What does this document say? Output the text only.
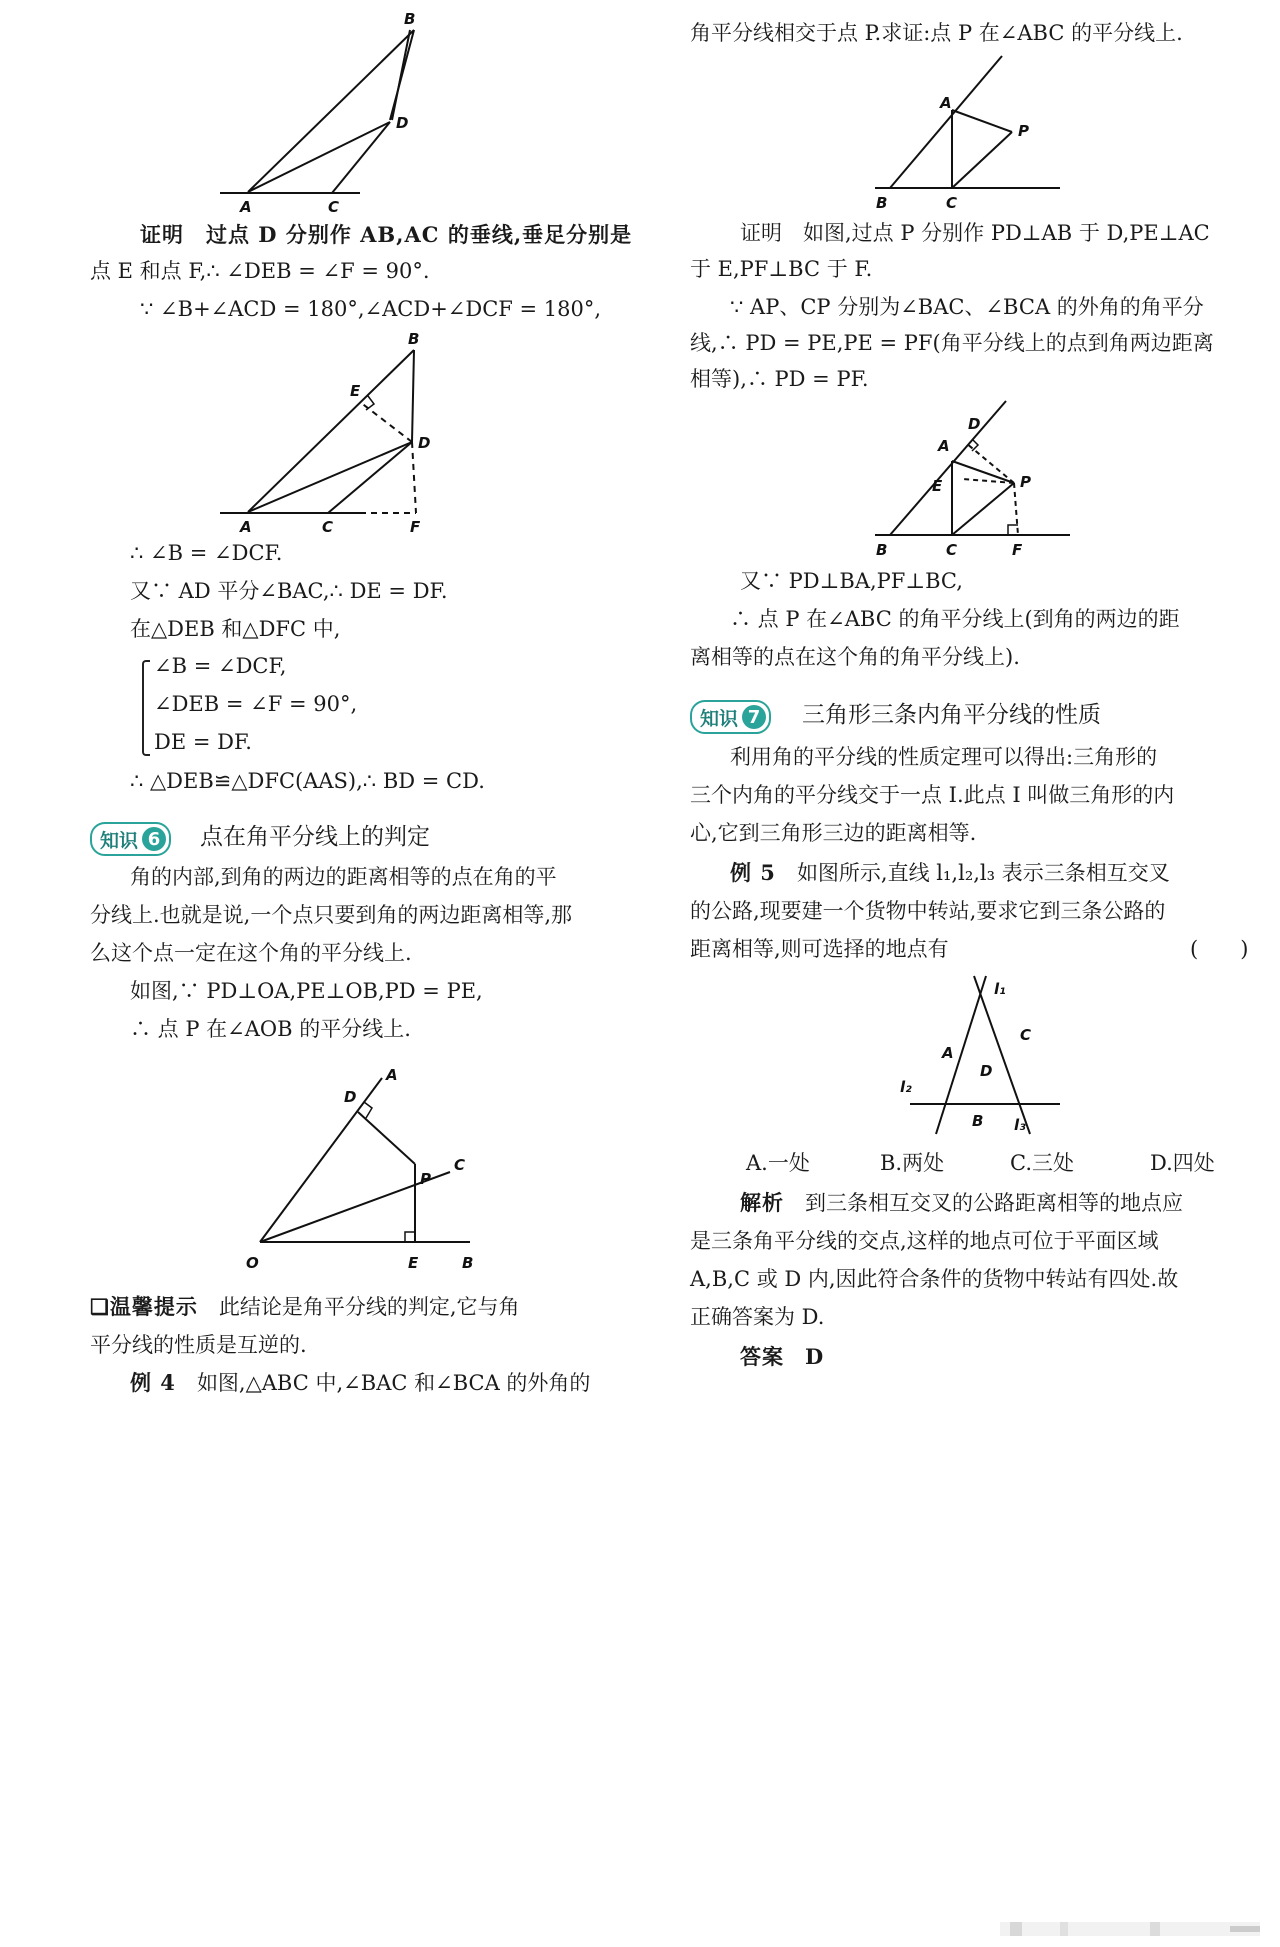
B
D
A	C
证明　过点 D 分别作 AB,AC 的垂线,垂足分别是
点 E 和点 F,∴ ∠DEB = ∠F = 90°.
∵ ∠B+∠ACD = 180°,∠ACD+∠DCF = 180°,
B
E
D
A	C	F
∴ ∠B = ∠DCF.
又∵ AD 平分∠BAC,∴ DE = DF.
在△DEB 和△DFC 中,
∠B = ∠DCF,
∠DEB = ∠F = 90°,
DE = DF.
∴ △DEB≌△DFC(AAS),∴ BD = CD.
知识 6 点在角平分线上的判定
角的内部,到角的两边的距离相等的点在角的平
分线上.也就是说,一个点只要到角的两边距离相等,那
么这个点一定在这个角的平分线上.
如图,∵ PD⊥OA,PE⊥OB,PD = PE,
∴ 点 P 在∠AOB 的平分线上.
D
A
C
P
O	E	B
❑温馨提示　 此结论是角平分线的判定,它与角
平分线的性质是互逆的.
例 4　 如图,△ABC 中,∠BAC 和∠BCA 的外角的
角平分线相交于点 P.求证:点 P 在∠ABC 的平分线上.
A
P
B	C
证明　如图,过点 P 分别作 PD⊥AB 于 D,PE⊥AC
于 E,PF⊥BC 于 F.
∵ AP、CP 分别为∠BAC、∠BCA 的外角的角平分
线,∴ PD = PE,PE = PF(角平分线上的点到角两边距离
相等),∴ PD = PF.
D
A
E	P
B	C	F
又∵ PD⊥BA,PF⊥BC,
∴ 点 P 在∠ABC 的角平分线上(到角的两边的距
离相等的点在这个角的角平分线上).
知识 7 三角形三条内角平分线的性质
利用角的平分线的性质定理可以得出:三角形的
三个内角的平分线交于一点 I.此点 I 叫做三角形的内
心,它到三角形三边的距离相等.
例 5　 如图所示,直线 l₁,l₂,l₃ 表示三条相互交叉
的公路,现要建一个货物中转站,要求它到三条公路的
距离相等,则可选择的地点有	(　　)
l₁
C
A
D
l₂
B l₃
A.一处	B.两处	C.三处	D.四处
解析　 到三条相互交叉的公路距离相等的地点应
是三条角平分线的交点,这样的地点可位于平面区域
A,B,C 或 D 内,因此符合条件的货物中转站有四处.故
正确答案为 D.
答案　 D
